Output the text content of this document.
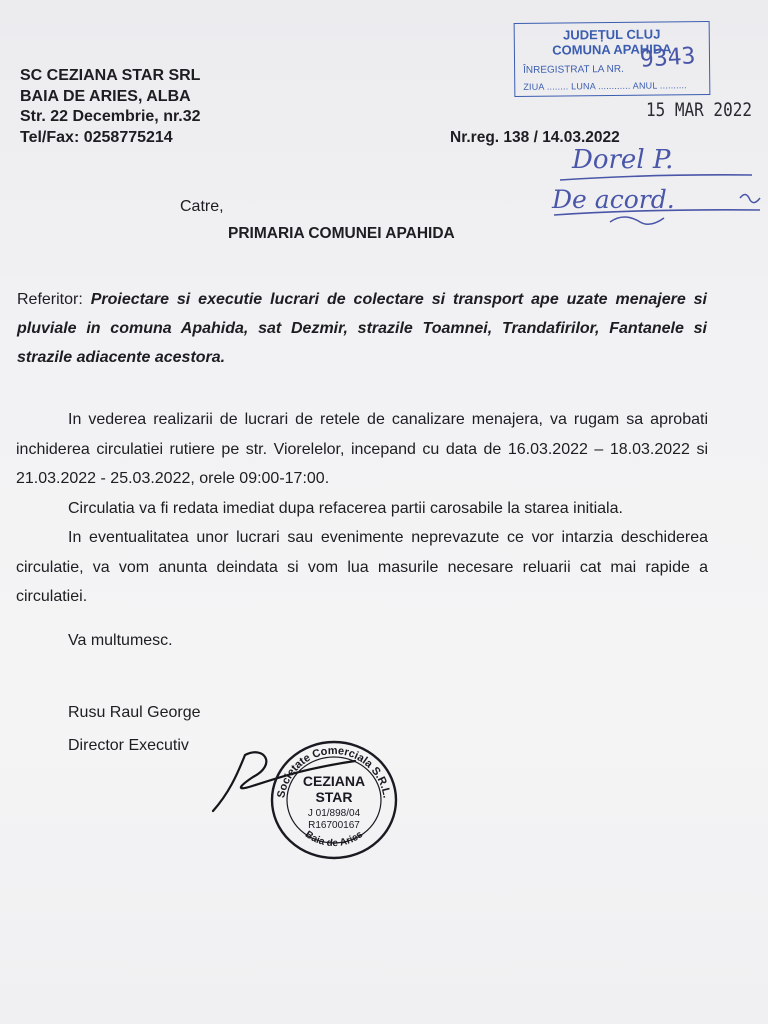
SC CEZIANA STAR SRL
BAIA DE ARIES, ALBA
Str. 22 Decembrie, nr.32
Tel/Fax: 0258775214
JUDEȚUL CLUJ
COMUNA APAHIDA
ÎNREGISTRAT LA NR.
ZIUA ........ LUNA ............ ANUL ..........
9343
15 MAR 2022
Nr.reg. 138 / 14.03.2022
Dorel P.
De acord.
Catre,
PRIMARIA COMUNEI APAHIDA
Referitor: Proiectare si executie lucrari de colectare si transport ape uzate menajere si pluviale in comuna Apahida, sat Dezmir, strazile Toamnei, Trandafirilor, Fantanele si strazile adiacente acestora.

In vederea realizarii de lucrari de retele de canalizare menajera, va rugam sa aprobati inchiderea circulatiei rutiere pe str. Viorelelor, incepand cu data de 16.03.2022 – 18.03.2022 si 21.03.2022 - 25.03.2022, orele 09:00-17:00.

Circulatia va fi redata imediat dupa refacerea partii carosabile la starea initiala.

In eventualitatea unor lucrari sau evenimente neprevazute ce vor intarzia deschiderea circulatie, va vom anunta deindata si vom lua masurile necesare reluarii cat mai rapide a circulatiei.

Va multumesc.
Rusu Raul George
Director Executiv
Societate Comerciala S.R.L.
CEZIANA
STAR
J 01/898/04
R16700167
Baia de Aries
